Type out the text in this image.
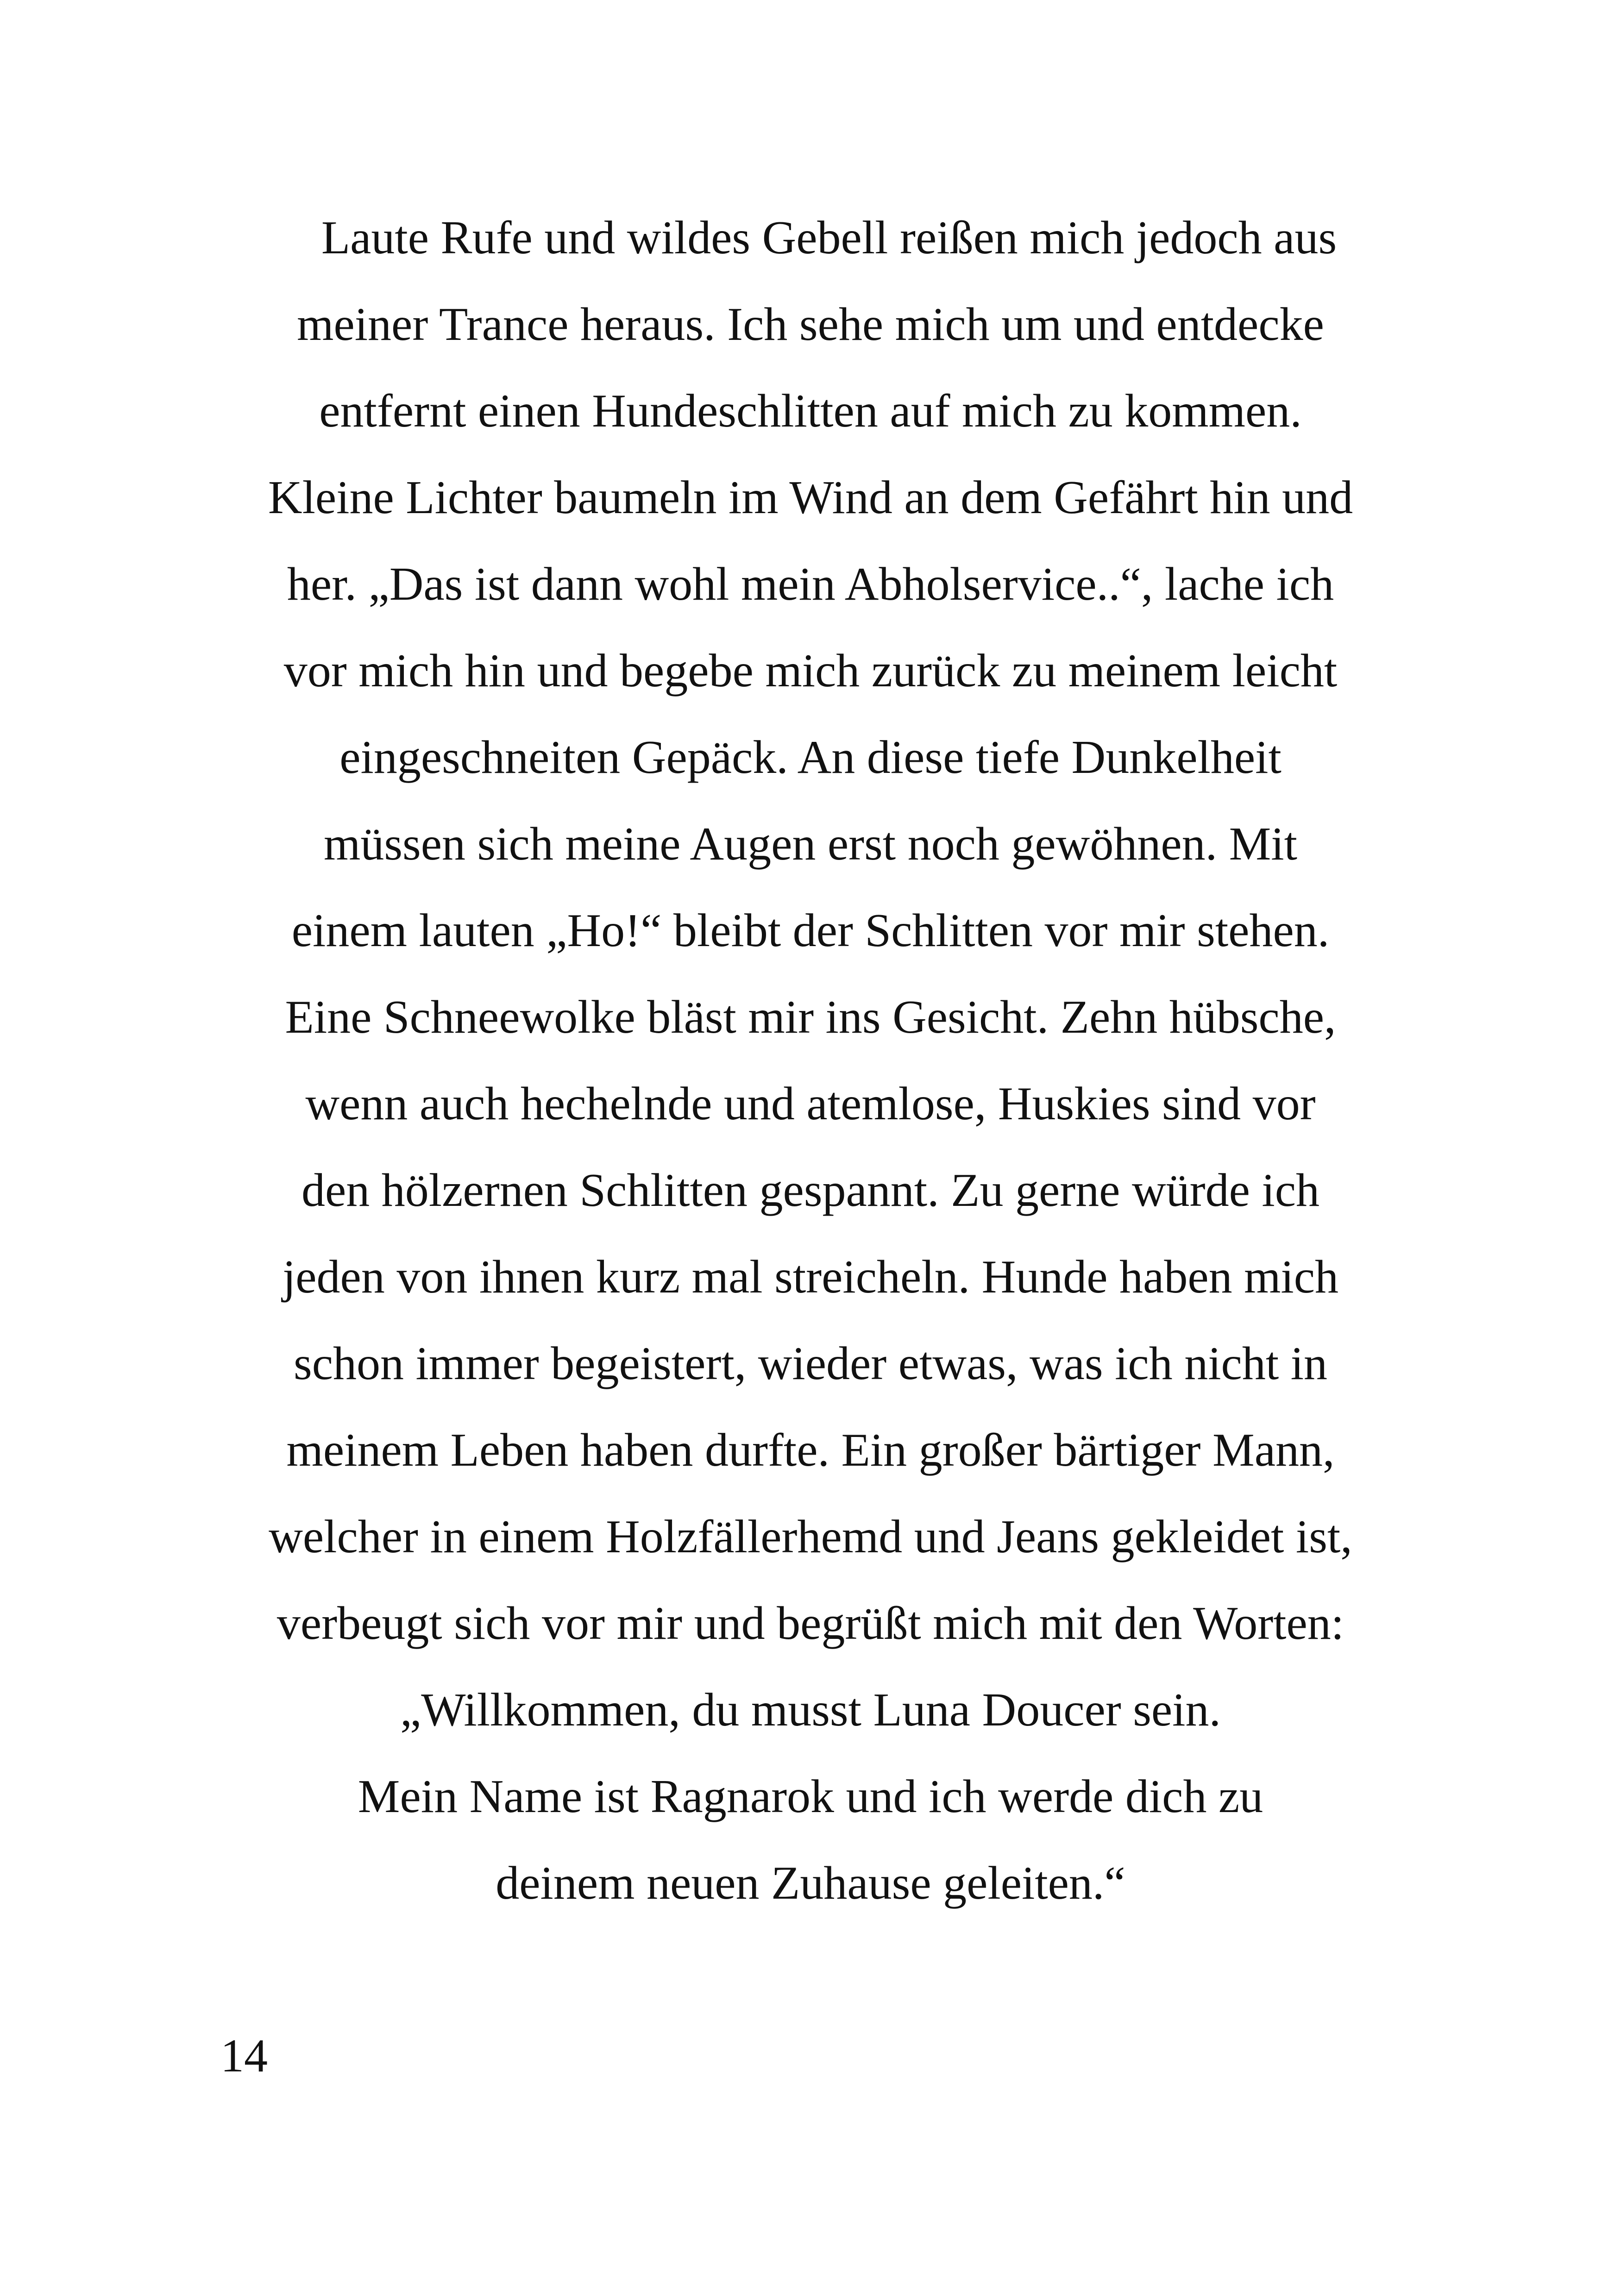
Laute Rufe und wildes Gebell reißen mich jedoch aus
meiner Trance heraus. Ich sehe mich um und entdecke
entfernt einen Hundeschlitten auf mich zu kommen.
Kleine Lichter baumeln im Wind an dem Gefährt hin und
her. „Das ist dann wohl mein Abholservice..“, lache ich
vor mich hin und begebe mich zurück zu meinem leicht
eingeschneiten Gepäck. An diese tiefe Dunkelheit
müssen sich meine Augen erst noch gewöhnen. Mit
einem lauten „Ho!“ bleibt der Schlitten vor mir stehen.
Eine Schneewolke bläst mir ins Gesicht. Zehn hübsche,
wenn auch hechelnde und atemlose, Huskies sind vor
den hölzernen Schlitten gespannt. Zu gerne würde ich
jeden von ihnen kurz mal streicheln. Hunde haben mich
schon immer begeistert, wieder etwas, was ich nicht in
meinem Leben haben durfte. Ein großer bärtiger Mann,
welcher in einem Holzfällerhemd und Jeans gekleidet ist,
verbeugt sich vor mir und begrüßt mich mit den Worten:
„Willkommen, du musst Luna Doucer sein.
Mein Name ist Ragnarok und ich werde dich zu
deinem neuen Zuhause geleiten.“
14
